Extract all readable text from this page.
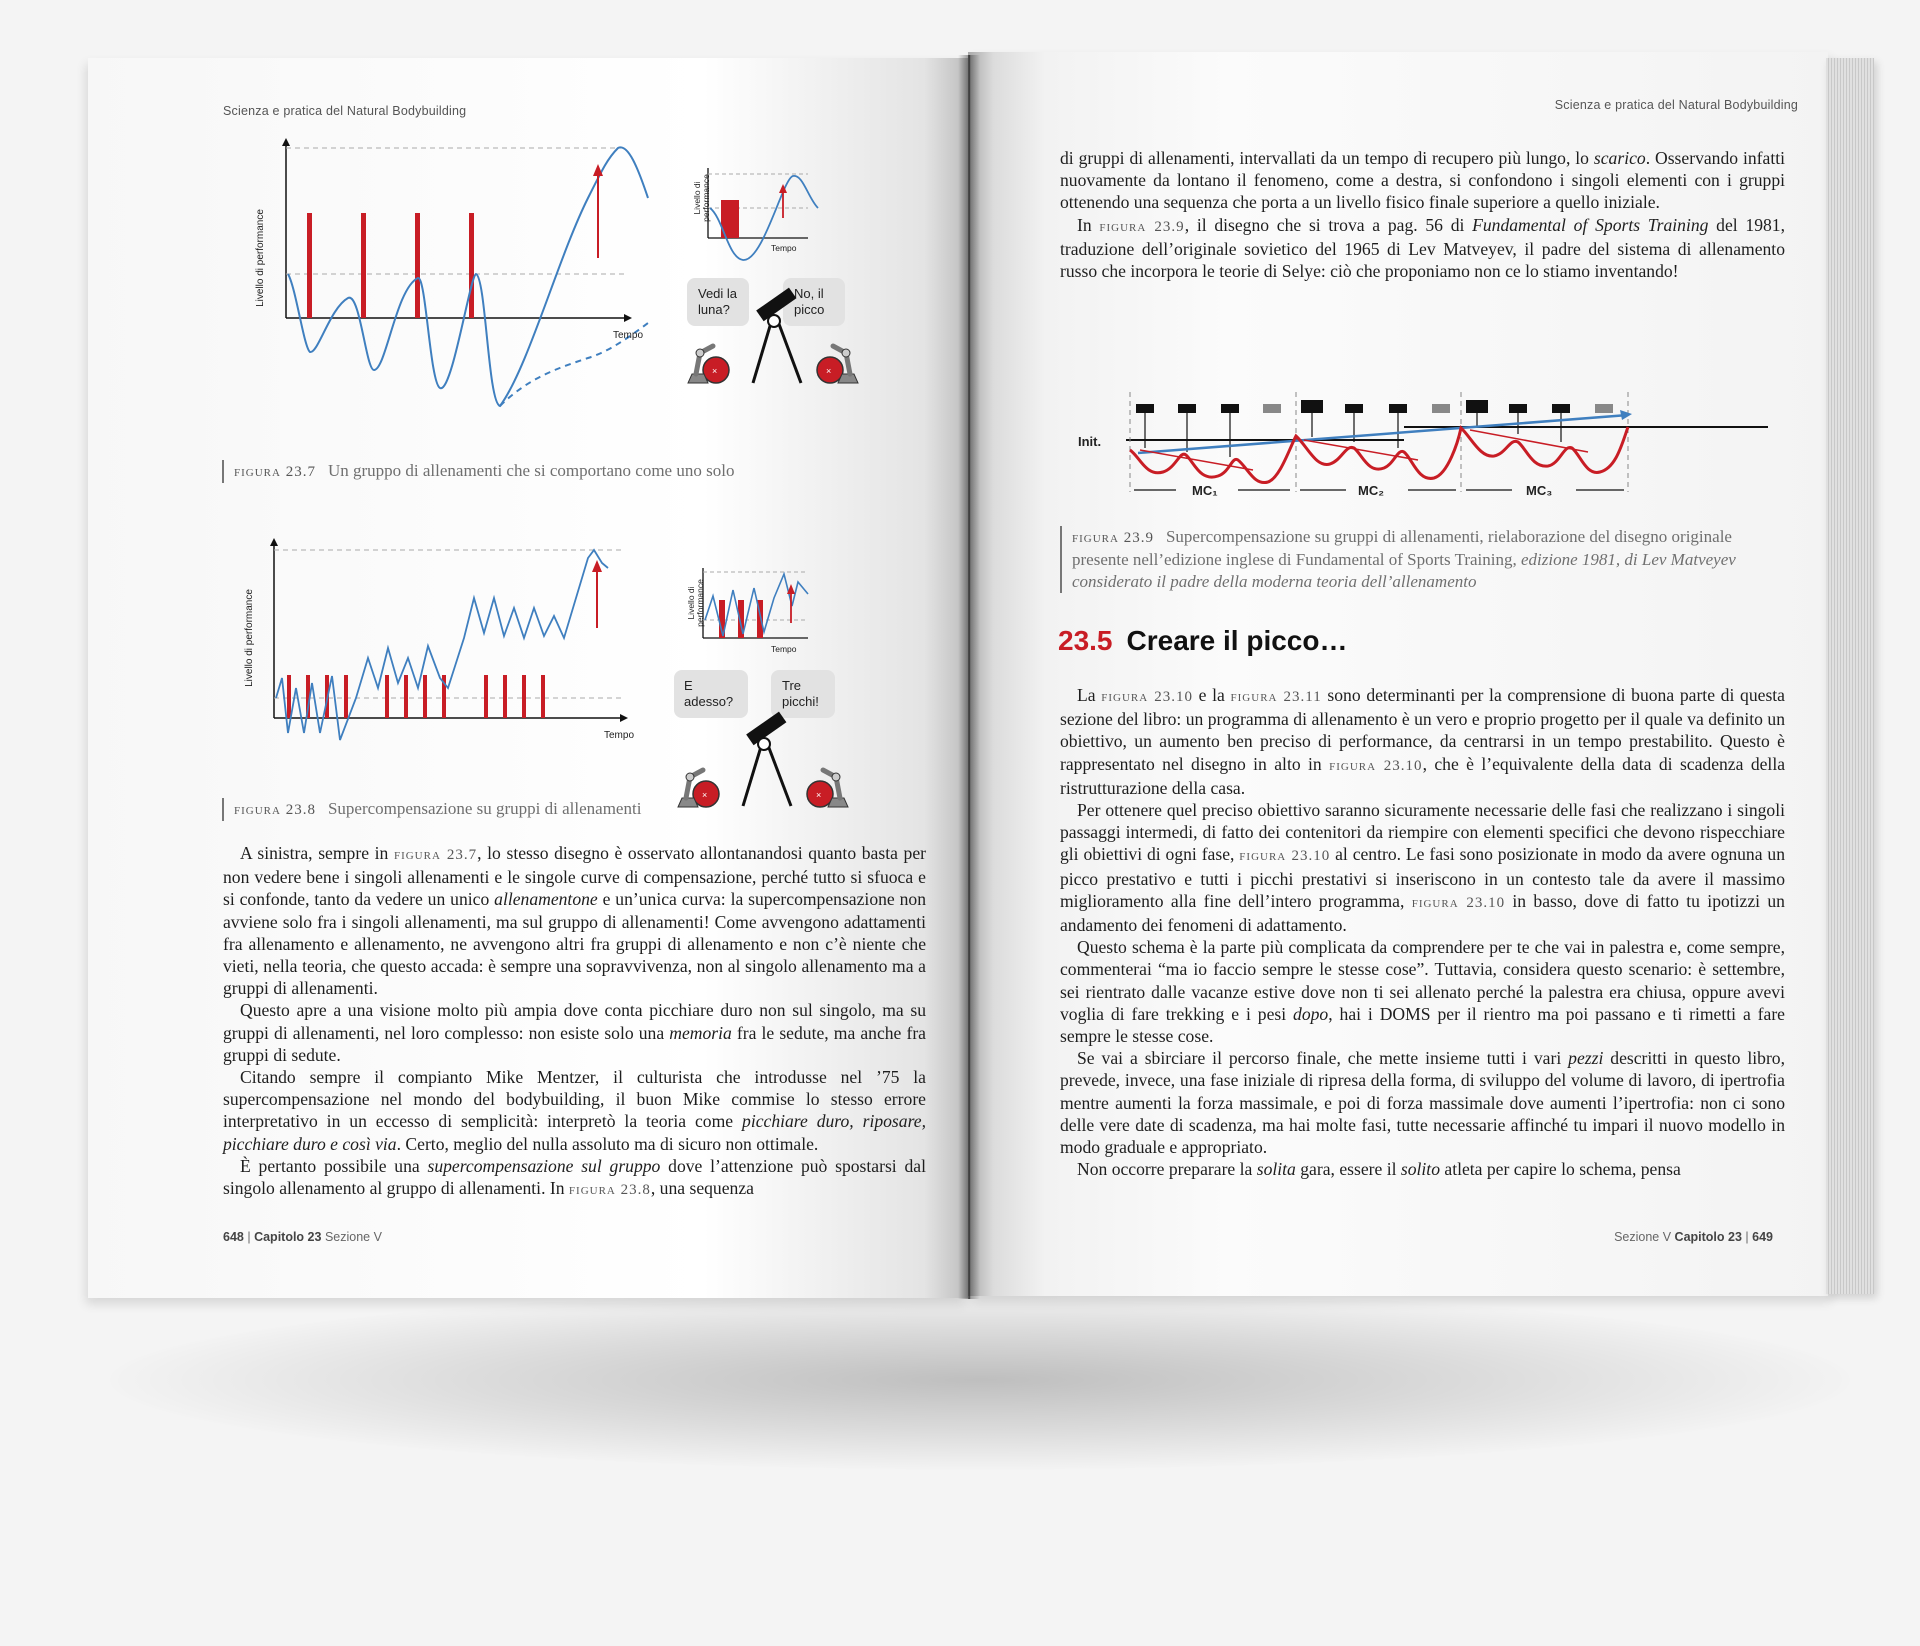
Scienza e pratica del Natural Bodybuilding
Livello di performance
Tempo
Livello di performance
Tempo
Vedi la
luna?
No, il
picco
×	×
figura 23.7 Un gruppo di allenamenti che si comportano come uno solo
Livello di performance
Tempo
Livello di performance
Tempo
E
adesso?
Tre
picchi!
×	×
figura 23.8 Supercompensazione su gruppi di allenamenti

A sinistra, sempre in figura 23.7, lo stesso disegno è osservato allontanandosi quanto basta per non vedere bene i singoli allenamenti e le singole curve di compensazione, perché tutto si sfuoca e si confonde, tanto da vedere un unico allenamentone e un’unica curva: la supercompensazione non avviene solo fra i singoli allenamenti, ma sul gruppo di allenamenti! Come avvengono adattamenti fra allenamento e allenamento, ne avvengono altri fra gruppi di allenamento e non c’è niente che vieti, nella teoria, che questo accada: è sempre una sopravvivenza, non al singolo allenamento ma a gruppi di allenamenti.

Questo apre a una visione molto più ampia dove conta picchiare duro non sul singolo, ma su gruppi di allenamenti, nel loro complesso: non esiste solo una memoria fra le sedute, ma anche fra gruppi di sedute.

Citando sempre il compianto Mike Mentzer, il culturista che introdusse nel ’75 la supercompensazione nel mondo del bodybuilding, il buon Mike commise lo stesso errore interpretativo in un eccesso di semplicità: interpretò la teoria come picchiare duro, riposare, picchiare duro e così via. Certo, meglio del nulla assoluto ma di sicuro non ottimale.

È pertanto possibile una supercompensazione sul gruppo dove l’attenzione può spostarsi dal singolo allenamento al gruppo di allenamenti. In figura 23.8, una sequenza

648 | Capitolo 23 Sezione V
Scienza e pratica del Natural Bodybuilding

di gruppi di allenamenti, intervallati da un tempo di recupero più lungo, lo scarico. Osservando infatti nuovamente da lontano il fenomeno, come a destra, si confondono i singoli elementi con i gruppi ottenendo una sequenza che porta a un livello fisico finale superiore a quello iniziale.

In figura 23.9, il disegno che si trova a pag. 56 di Fundamental of Sports Training del 1981, traduzione dell’originale sovietico del 1965 di Lev Matveyev, il padre del sistema di allenamento russo che incorpora le teorie di Selye: ciò che proponiamo non ce lo stiamo inventando!

Init.
MC₁	MC₂	MC₃
figura 23.9 Supercompensazione su gruppi di allenamenti, rielaborazione del disegno originale presente nell’edizione inglese di Fundamental of Sports Training, edizione 1981, di Lev Matveyev considerato il padre della moderna teoria dell’allenamento
23.5 Creare il picco…

La figura 23.10 e la figura 23.11 sono determinanti per la comprensione di buona parte di questa sezione del libro: un programma di allenamento è un vero e proprio progetto per il quale va definito un obiettivo, un aumento ben preciso di performance, da centrarsi in un tempo prestabilito. Questo è rappresentato nel disegno in alto in figura 23.10, che è l’equivalente della data di scadenza della ristrutturazione della casa.

Per ottenere quel preciso obiettivo saranno sicuramente necessarie delle fasi che realizzano i singoli passaggi intermedi, di fatto dei contenitori da riempire con elementi specifici che devono rispecchiare gli obiettivi di ogni fase, figura 23.10 al centro. Le fasi sono posizionate in modo da avere ognuna un picco prestativo e tutti i picchi prestativi si inseriscono in un contesto tale da avere il massimo miglioramento alla fine dell’intero programma, figura 23.10 in basso, dove di fatto tu ipotizzi un andamento dei fenomeni di adattamento.

Questo schema è la parte più complicata da comprendere per te che vai in palestra e, come sempre, commenterai “ma io faccio sempre le stesse cose”. Tuttavia, considera questo scenario: è settembre, sei rientrato dalle vacanze estive dove non ti sei allenato perché la palestra era chiusa, oppure avevi voglia di fare trekking e i pesi dopo, hai i DOMS per il rientro ma poi passano e ti rimetti a fare sempre le stesse cose.

Se vai a sbirciare il percorso finale, che mette insieme tutti i vari pezzi descritti in questo libro, prevede, invece, una fase iniziale di ripresa della forma, di sviluppo del volume di lavoro, di ipertrofia mentre aumenti la forza massimale, e poi di forza massimale dove aumenti l’ipertrofia: non ci sono delle vere date di scadenza, ma hai molte fasi, tutte necessarie affinché tu impari il nuovo modello in modo graduale e appropriato.

Non occorre preparare la solita gara, essere il solito atleta per capire lo schema, pensa

Sezione V Capitolo 23 | 649
